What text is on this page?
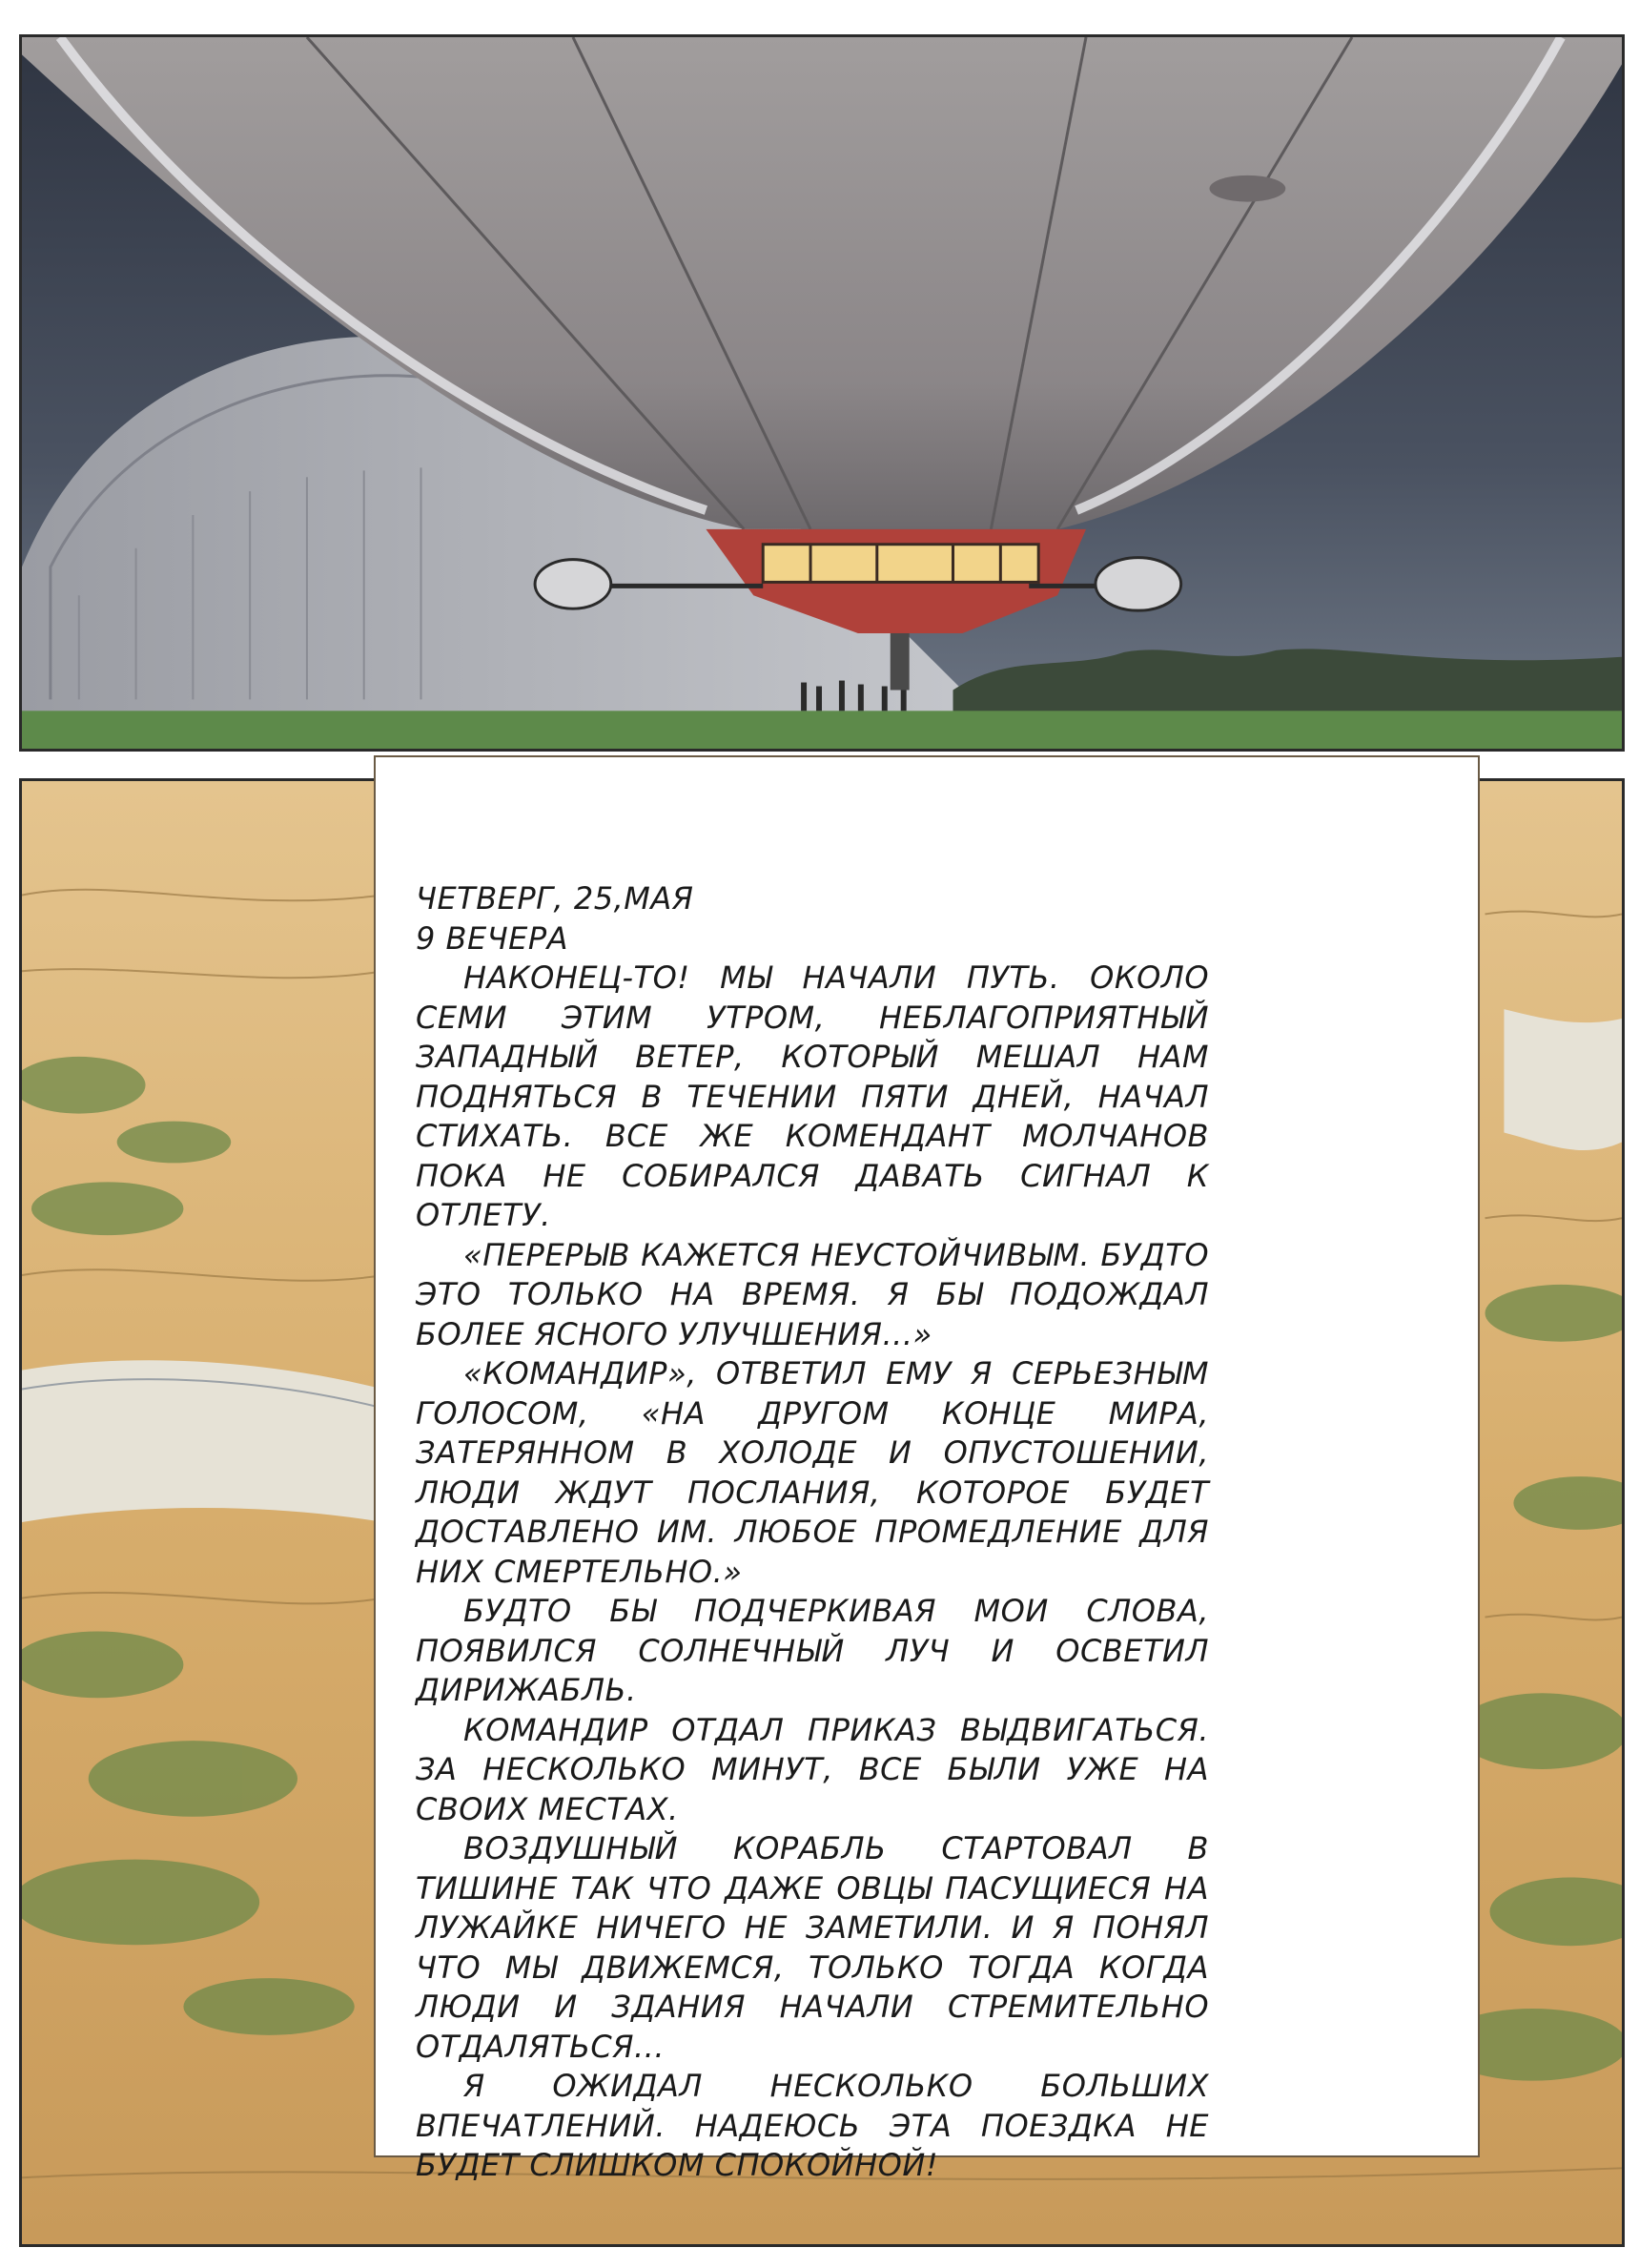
ЧЕТВЕРГ, 25,МАЯ
9 ВЕЧЕРА

НАКОНЕЦ-ТО! МЫ НАЧАЛИ ПУТЬ. ОКОЛО СЕМИ ЭТИМ УТРОМ, НЕБЛАГОПРИЯТНЫЙ ЗАПАДНЫЙ ВЕТЕР, КОТОРЫЙ МЕШАЛ НАМ ПОДНЯТЬСЯ В ТЕЧЕНИИ ПЯТИ ДНЕЙ, НАЧАЛ СТИХАТЬ. ВСЕ ЖЕ КОМЕНДАНТ МОЛЧАНОВ ПОКА НЕ СОБИРАЛСЯ ДАВАТЬ СИГНАЛ К ОТЛЕТУ.

«ПЕРЕРЫВ КАЖЕТСЯ НЕУСТОЙЧИВЫМ. БУДТО ЭТО ТОЛЬКО НА ВРЕМЯ. Я БЫ ПОДОЖДАЛ БОЛЕЕ ЯСНОГО УЛУЧШЕНИЯ...»

«КОМАНДИР», ОТВЕТИЛ ЕМУ Я СЕРЬЕЗНЫМ ГОЛОСОМ, «НА ДРУГОМ КОНЦЕ МИРА, ЗАТЕРЯННОМ В ХОЛОДЕ И ОПУСТОШЕНИИ, ЛЮДИ ЖДУТ ПОСЛАНИЯ, КОТОРОЕ БУДЕТ ДОСТАВЛЕНО ИМ. ЛЮБОЕ ПРОМЕДЛЕНИЕ ДЛЯ НИХ СМЕРТЕЛЬНО.»

БУДТО БЫ ПОДЧЕРКИВАЯ МОИ СЛОВА, ПОЯВИЛСЯ СОЛНЕЧНЫЙ ЛУЧ И ОСВЕТИЛ ДИРИЖАБЛЬ.

КОМАНДИР ОТДАЛ ПРИКАЗ ВЫДВИГАТЬСЯ. ЗА НЕСКОЛЬКО МИНУТ, ВСЕ БЫЛИ УЖЕ НА СВОИХ МЕСТАХ.

ВОЗДУШНЫЙ КОРАБЛЬ СТАРТОВАЛ В ТИШИНЕ ТАК ЧТО ДАЖЕ ОВЦЫ ПАСУЩИЕСЯ НА ЛУЖАЙКЕ НИЧЕГО НЕ ЗАМЕТИЛИ. И Я ПОНЯЛ ЧТО МЫ ДВИЖЕМСЯ, ТОЛЬКО ТОГДА КОГДА ЛЮДИ И ЗДАНИЯ НАЧАЛИ СТРЕМИТЕЛЬНО ОТДАЛЯТЬСЯ...

Я ОЖИДАЛ НЕСКОЛЬКО БОЛЬШИХ ВПЕЧАТЛЕНИЙ. НАДЕЮСЬ ЭТА ПОЕЗДКА НЕ БУДЕТ СЛИШКОМ СПОКОЙНОЙ!
